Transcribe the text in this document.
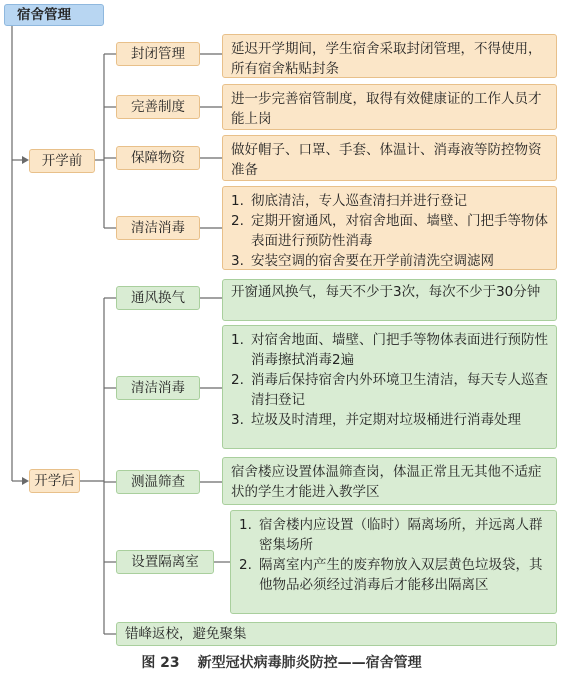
宿舍管理
开学前
封闭管理	延迟开学期间，学生宿舍采取封闭管理，不得使用，所有宿舍粘贴封条
完善制度	进一步完善宿管制度，取得有效健康证的工作人员才能上岗
保障物资	做好帽子、口罩、手套、体温计、消毒液等防控物资准备
清洁消毒
1. 彻底清洁，专人巡查清扫并进行登记
2. 定期开窗通风，对宿舍地面、墙壁、门把手等物体表面进行预防性消毒
3. 安装空调的宿舍要在开学前清洗空调滤网
开学后
通风换气	开窗通风换气，每天不少于3次，每次不少于30分钟
清洁消毒
1. 对宿舍地面、墙壁、门把手等物体表面进行预防性消毒擦拭消毒2遍
2. 消毒后保持宿舍内外环境卫生清洁，每天专人巡查清扫登记
3. 垃圾及时清理，并定期对垃圾桶进行消毒处理
测温筛查
宿舍楼应设置体温筛查岗，体温正常且无其他不适症状的学生才能进入教学区
设置隔离室
1. 宿舍楼内应设置（临时）隔离场所，并远离人群密集场所
2. 隔离室内产生的废弃物放入双层黄色垃圾袋，其他物品必须经过消毒后才能移出隔离区
错峰返校，避免聚集
图 23 新型冠状病毒肺炎防控——宿舍管理
